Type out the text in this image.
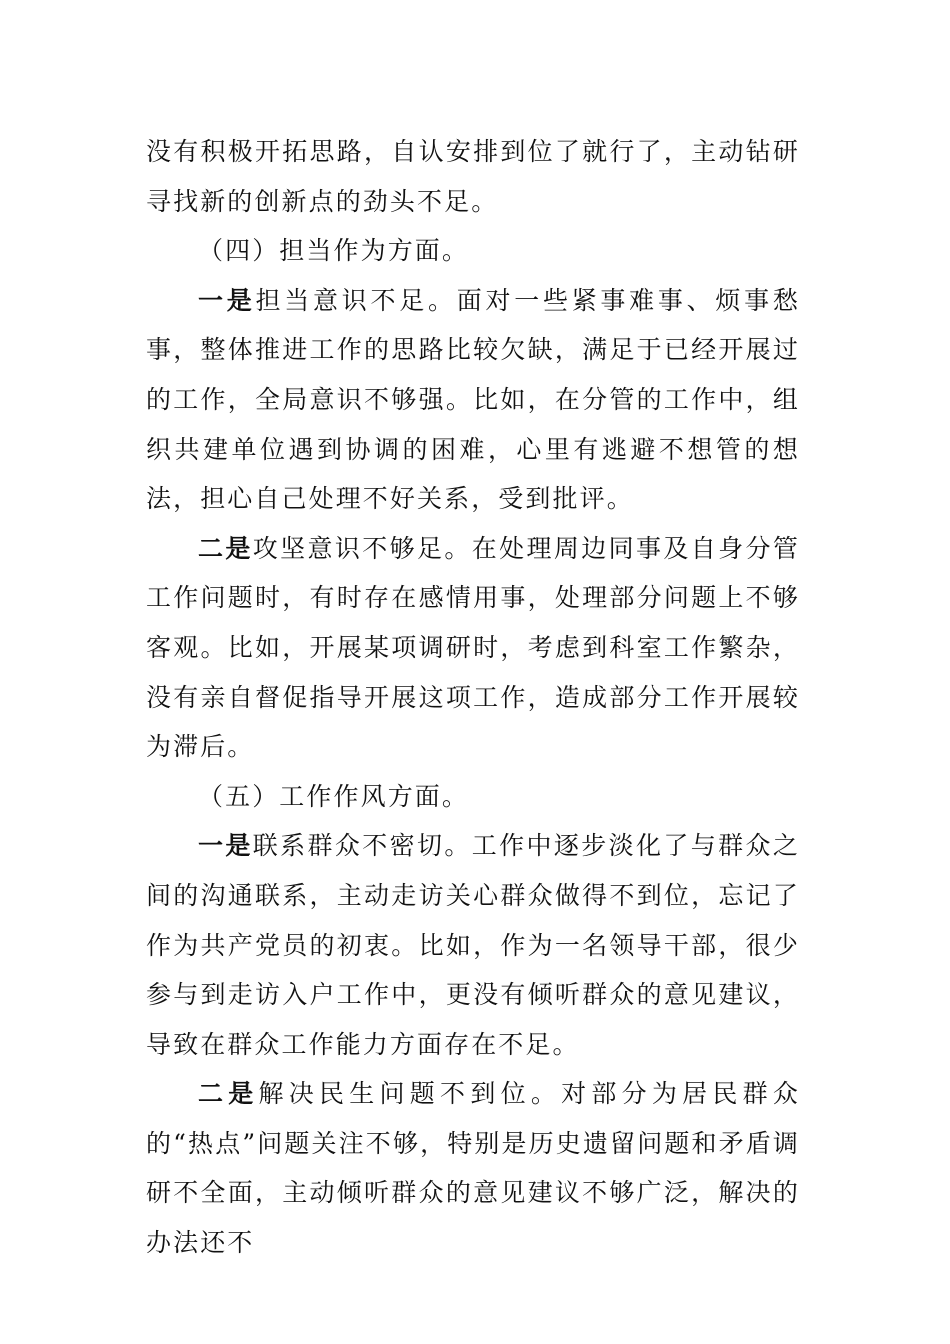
没有积极开拓思路，自认安排到位了就行了，主动钻研寻找新的创新点的劲头不足。

（四）担当作为方面。

一是担当意识不足。面对一些紧事难事、烦事愁事，整体推进工作的思路比较欠缺，满足于已经开展过的工作，全局意识不够强。比如，在分管的工作中，组织共建单位遇到协调的困难，心里有逃避不想管的想法，担心自己处理不好关系，受到批评。

二是攻坚意识不够足。在处理周边同事及自身分管工作问题时，有时存在感情用事，处理部分问题上不够客观。比如，开展某项调研时，考虑到科室工作繁杂，没有亲自督促指导开展这项工作，造成部分工作开展较为滞后。

（五）工作作风方面。

一是联系群众不密切。工作中逐步淡化了与群众之间的沟通联系，主动走访关心群众做得不到位，忘记了作为共产党员的初衷。比如，作为一名领导干部，很少参与到走访入户工作中，更没有倾听群众的意见建议，导致在群众工作能力方面存在不足。

二是解决民生问题不到位。对部分为居民群众的“热点”问题关注不够，特别是历史遗留问题和矛盾调研不全面，主动倾听群众的意见建议不够广泛，解决的办法还不
